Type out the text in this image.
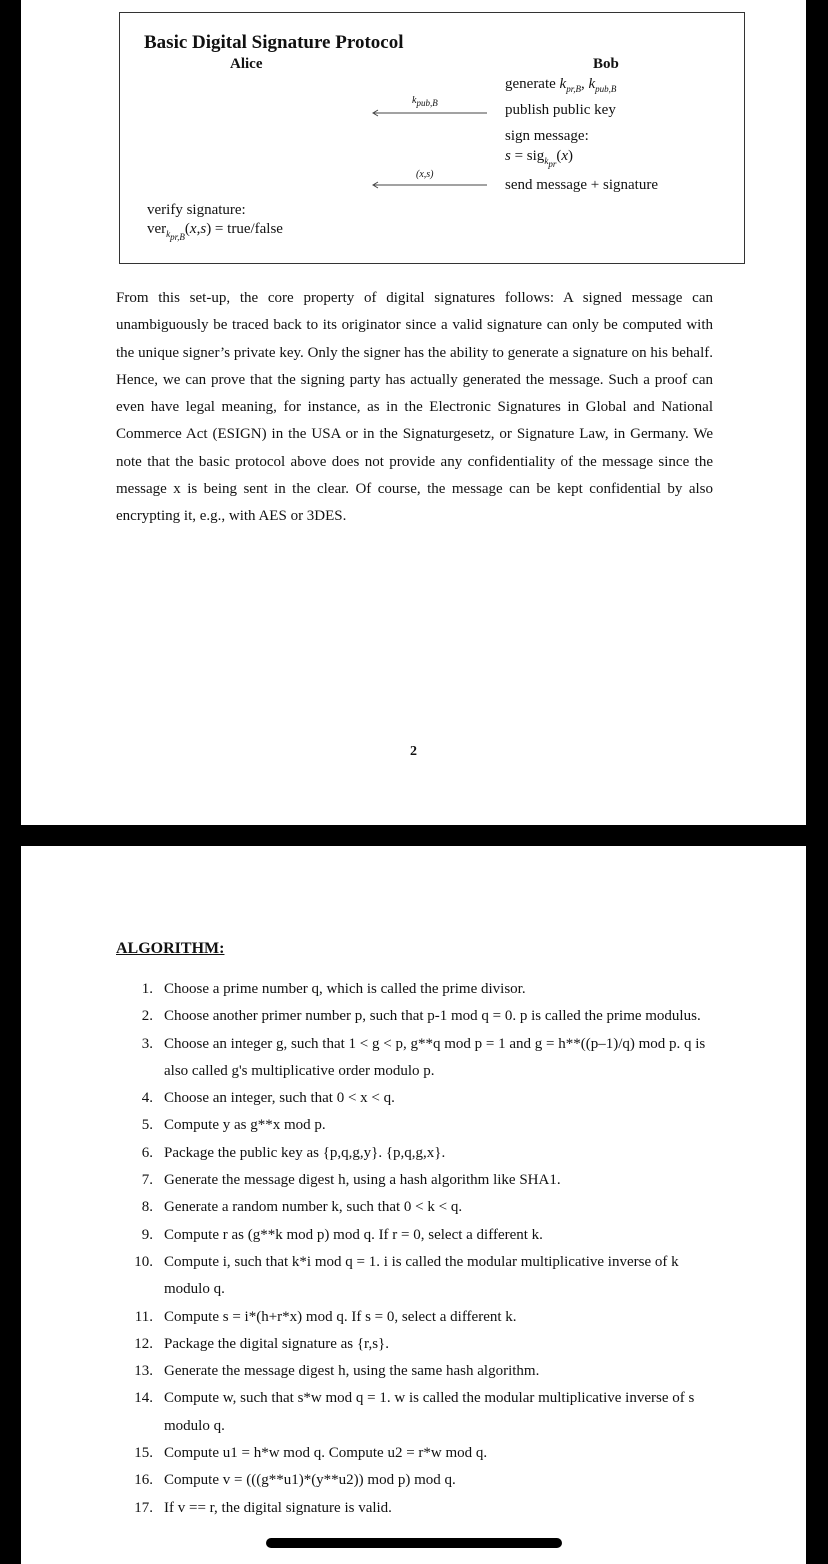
Basic Digital Signature Protocol
Alice	Bob
generate $k_{pr,B}$, $k_{pub,B}$
publish public key
sign message:
s = sig$_{k_{pr}}$(x)
send message + signature
$k_{pub,B}$
(x,s)
verify signature:
ver$_{k_{pr,B}}$(x,s) = true/false

From this set-up, the core property of digital signatures follows: A signed message can unambiguously be traced back to its originator since a valid signature can only be computed with the unique signer’s private key. Only the signer has the ability to generate a signature on his behalf. Hence, we can prove that the signing party has actually generated the message. Such a proof can even have legal meaning, for instance, as in the Electronic Signatures in Global and National Commerce Act (ESIGN) in the USA or in the Signaturgesetz, or Signature Law, in Germany. We note that the basic protocol above does not provide any confidentiality of the message since the message x is being sent in the clear. Of course, the message can be kept confidential by also encrypting it, e.g., with AES or 3DES.

2
ALGORITHM:
1. Choose a prime number q, which is called the prime divisor.
2. Choose another primer number p, such that p-1 mod q = 0. p is called the prime modulus.
3. Choose an integer g, such that 1 < g < p, g**q mod p = 1 and g = h**((p–1)/q) mod p. q is also called g's multiplicative order modulo p.
4. Choose an integer, such that 0 < x < q.
5. Compute y as g**x mod p.
6. Package the public key as {p,q,g,y}. {p,q,g,x}.
7. Generate the message digest h, using a hash algorithm like SHA1.
8. Generate a random number k, such that 0 < k < q.
9. Compute r as (g**k mod p) mod q. If r = 0, select a different k.
10. Compute i, such that k*i mod q = 1. i is called the modular multiplicative inverse of k modulo q.
11. Compute s = i*(h+r*x) mod q. If s = 0, select a different k.
12. Package the digital signature as {r,s}.
13. Generate the message digest h, using the same hash algorithm.
14. Compute w, such that s*w mod q = 1. w is called the modular multiplicative inverse of s modulo q.
15. Compute u1 = h*w mod q. Compute u2 = r*w mod q.
16. Compute v = (((g**u1)*(y**u2)) mod p) mod q.
17. If v == r, the digital signature is valid.
